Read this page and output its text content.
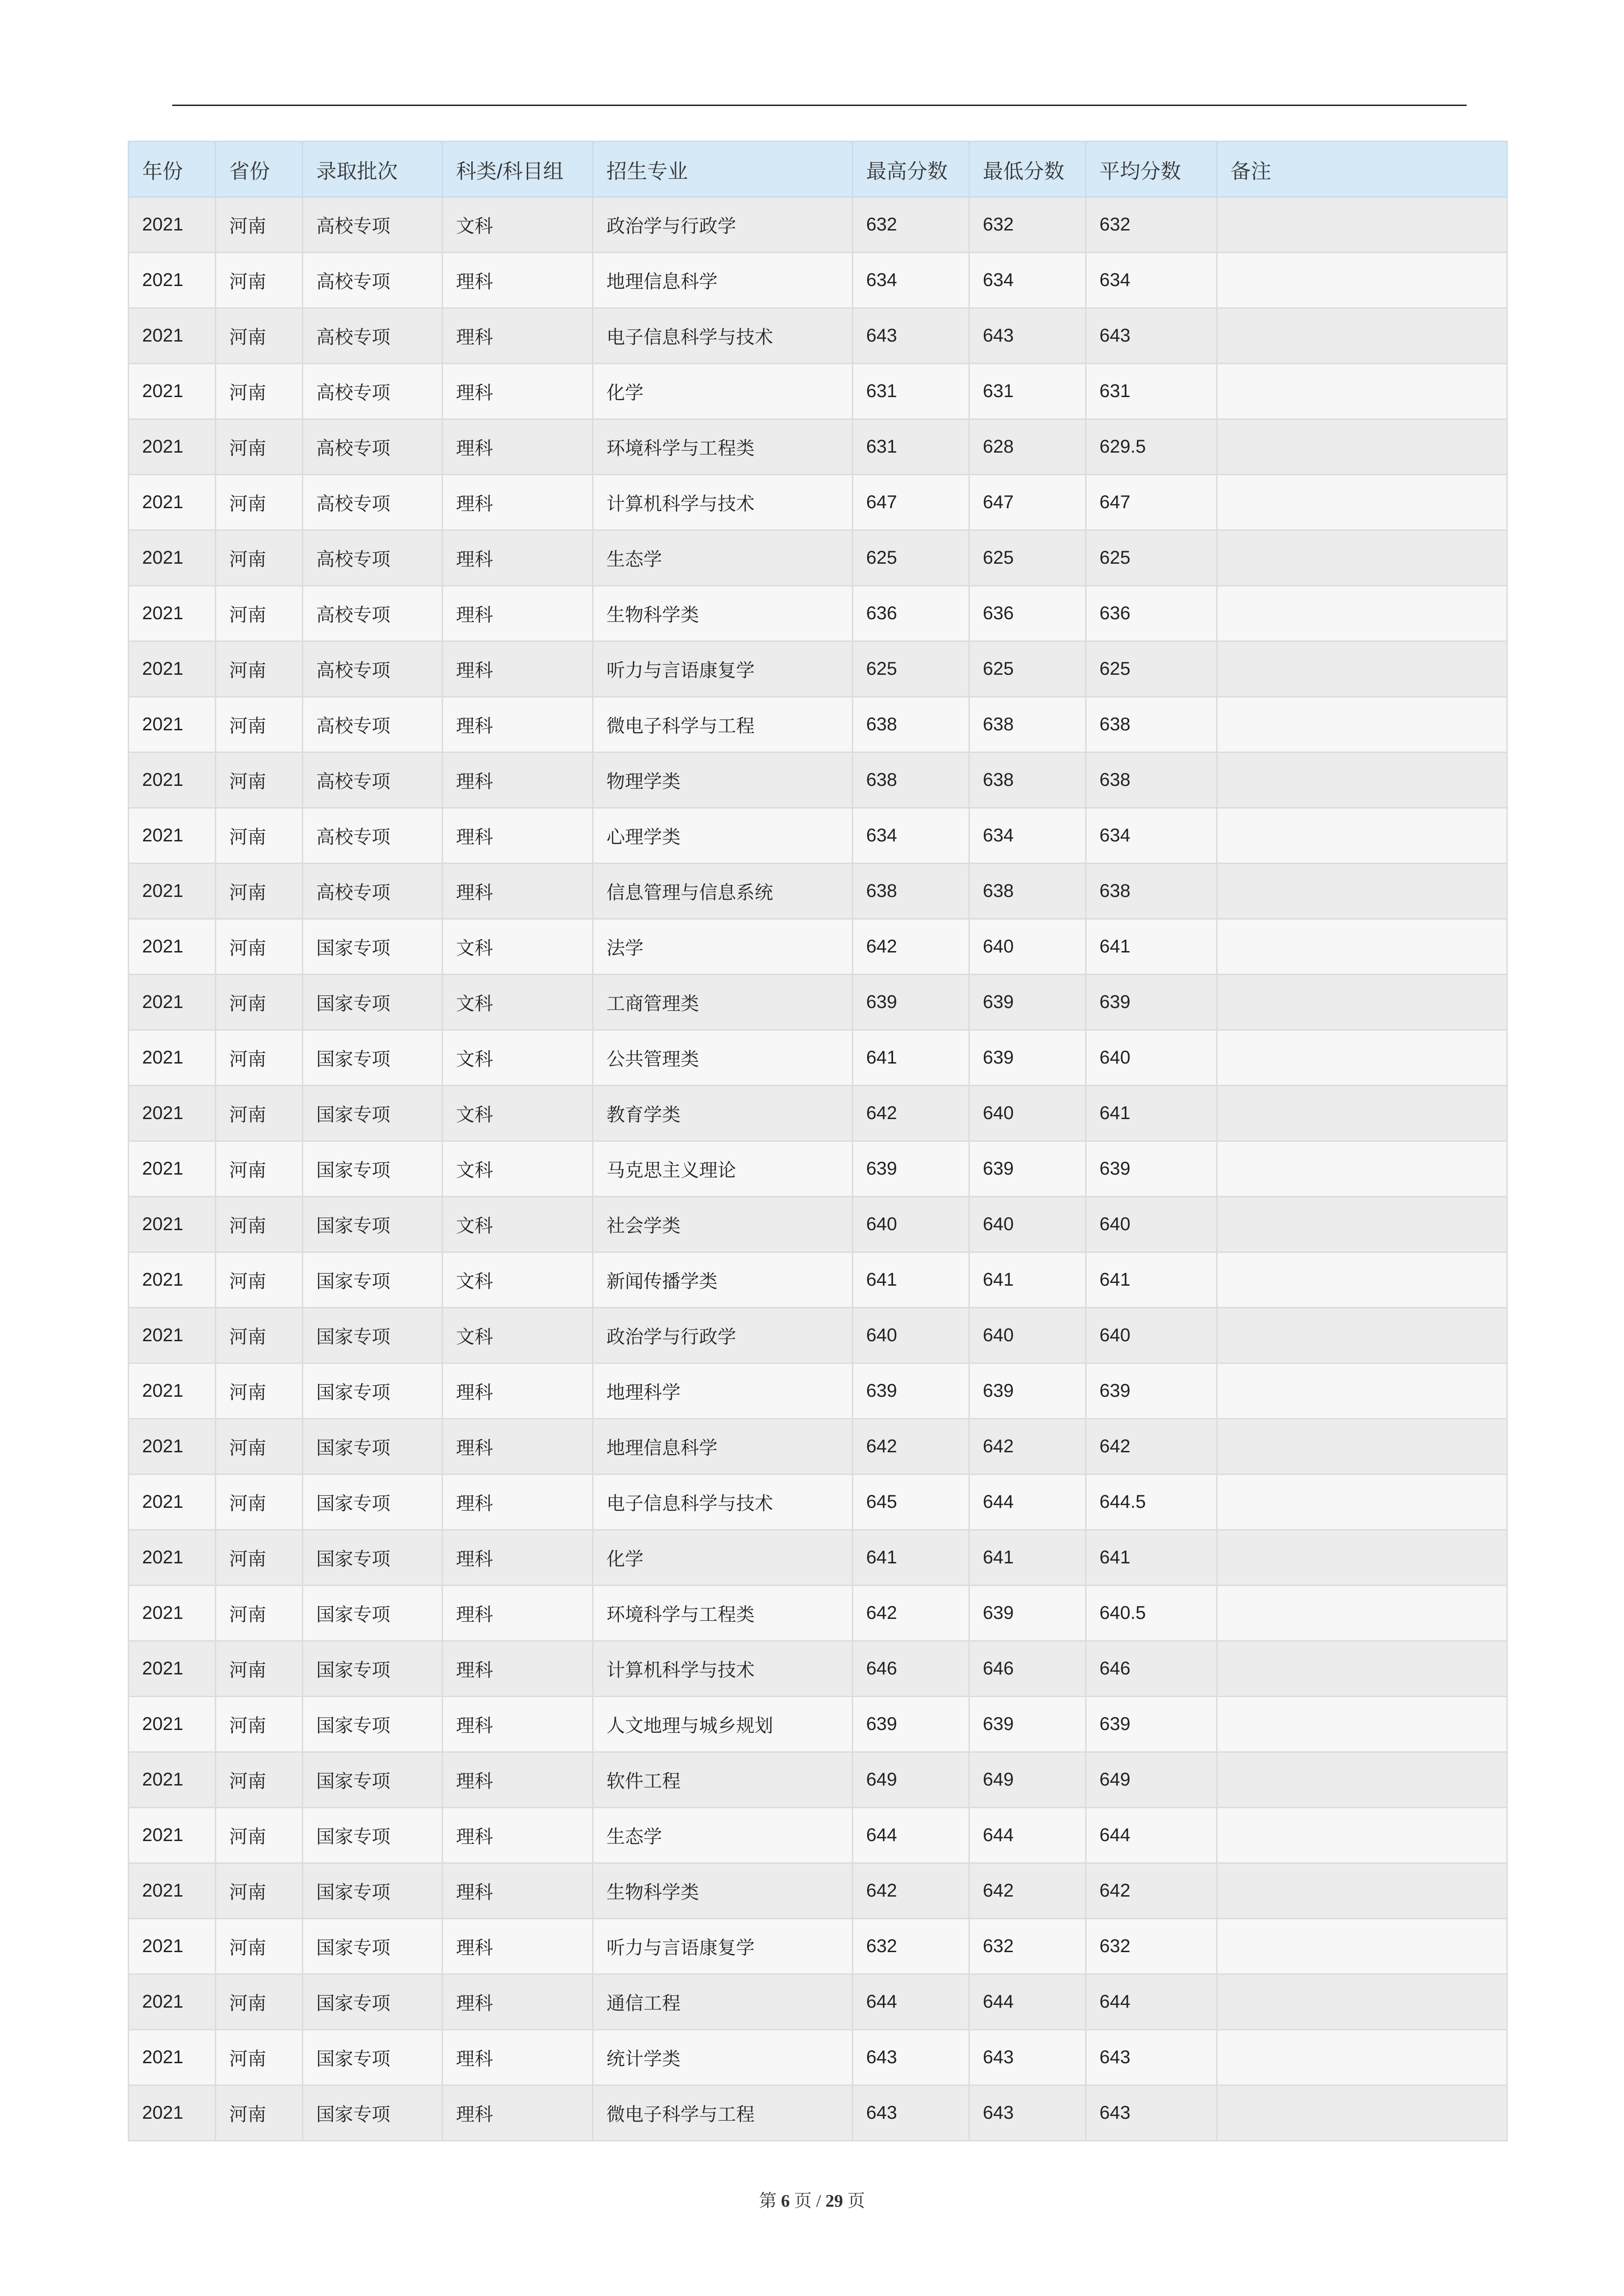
年份	省份	录取批次	科类/科目组	招生专业	最高分数	最低分数	平均分数	备注
2021	河南	高校专项	文科	政治学与行政学	632	632	632	
2021	河南	高校专项	理科	地理信息科学	634	634	634	
2021	河南	高校专项	理科	电子信息科学与技术	643	643	643	
2021	河南	高校专项	理科	化学	631	631	631	
2021	河南	高校专项	理科	环境科学与工程类	631	628	629.5	
2021	河南	高校专项	理科	计算机科学与技术	647	647	647	
2021	河南	高校专项	理科	生态学	625	625	625	
2021	河南	高校专项	理科	生物科学类	636	636	636	
2021	河南	高校专项	理科	听力与言语康复学	625	625	625	
2021	河南	高校专项	理科	微电子科学与工程	638	638	638	
2021	河南	高校专项	理科	物理学类	638	638	638	
2021	河南	高校专项	理科	心理学类	634	634	634	
2021	河南	高校专项	理科	信息管理与信息系统	638	638	638	
2021	河南	国家专项	文科	法学	642	640	641	
2021	河南	国家专项	文科	工商管理类	639	639	639	
2021	河南	国家专项	文科	公共管理类	641	639	640	
2021	河南	国家专项	文科	教育学类	642	640	641	
2021	河南	国家专项	文科	马克思主义理论	639	639	639	
2021	河南	国家专项	文科	社会学类	640	640	640	
2021	河南	国家专项	文科	新闻传播学类	641	641	641	
2021	河南	国家专项	文科	政治学与行政学	640	640	640	
2021	河南	国家专项	理科	地理科学	639	639	639	
2021	河南	国家专项	理科	地理信息科学	642	642	642	
2021	河南	国家专项	理科	电子信息科学与技术	645	644	644.5	
2021	河南	国家专项	理科	化学	641	641	641	
2021	河南	国家专项	理科	环境科学与工程类	642	639	640.5	
2021	河南	国家专项	理科	计算机科学与技术	646	646	646	
2021	河南	国家专项	理科	人文地理与城乡规划	639	639	639	
2021	河南	国家专项	理科	软件工程	649	649	649	
2021	河南	国家专项	理科	生态学	644	644	644	
2021	河南	国家专项	理科	生物科学类	642	642	642	
2021	河南	国家专项	理科	听力与言语康复学	632	632	632	
2021	河南	国家专项	理科	通信工程	644	644	644	
2021	河南	国家专项	理科	统计学类	643	643	643	
2021	河南	国家专项	理科	微电子科学与工程	643	643	643	
第 6 页 / 29 页
